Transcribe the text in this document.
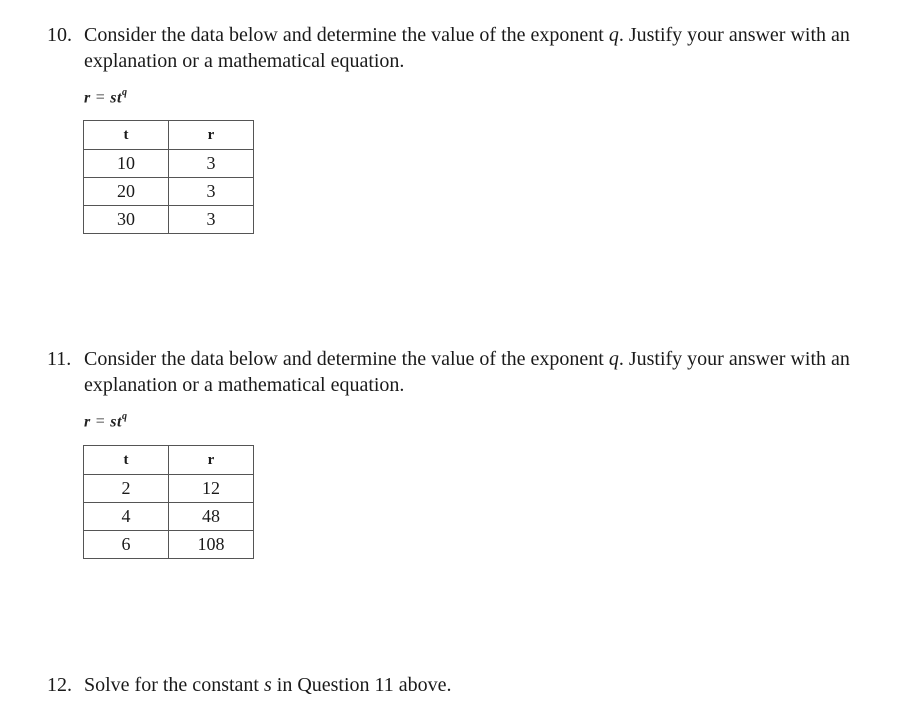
10. Consider the data below and determine the value of the exponent q. Justify your answer with an
explanation or a mathematical equation.
$r = st^q$
t	r
10	3
20	3
30	3
11. Consider the data below and determine the value of the exponent q. Justify your answer with an
explanation or a mathematical equation.
$r = st^q$
t	r
2	12
4	48
6	108
12. Solve for the constant s in Question 11 above.
